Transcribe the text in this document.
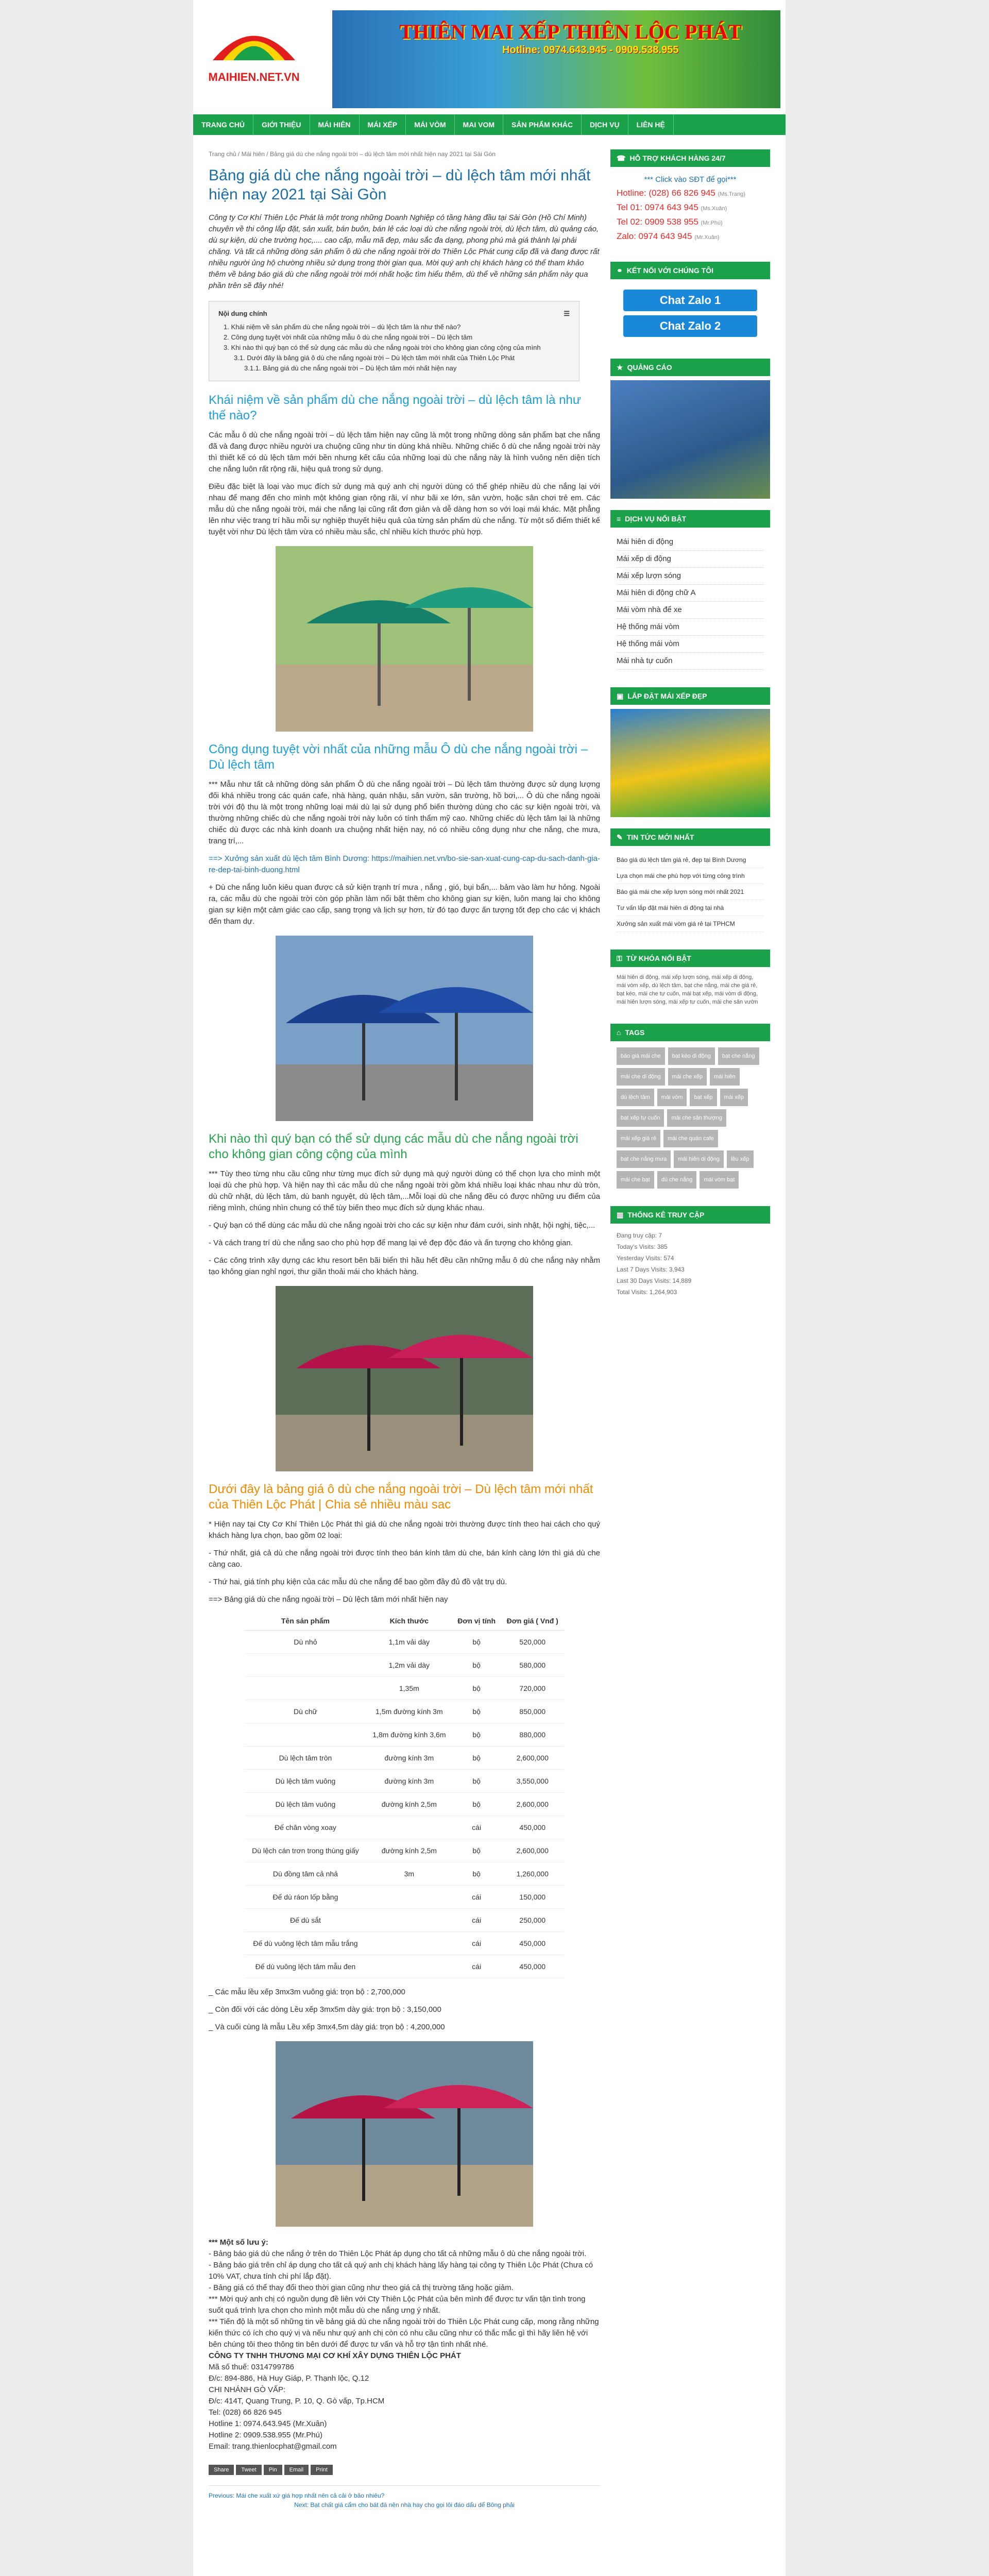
MAIHIEN.NET.VN
THIÊN MAI XẾP THIÊN LỘC PHÁT
Hotline: 0974.643.945 - 0909.538.955
TRANG CHỦ	GIỚI THIỆU	MÁI HIÊN	MÁI XẾP	MÁI VÒM	MAI VOM	SẢN PHẨM KHÁC	DỊCH VỤ	LIÊN HỆ
Trang chủ / Mái hiên / Bảng giá dù che nắng ngoài trời – dù lệch tâm mới nhất hiện nay 2021 tại Sài Gòn
Bảng giá dù che nắng ngoài trời – dù lệch tâm mới nhất hiện nay 2021 tại Sài Gòn

Công ty Cơ Khí Thiên Lộc Phát là một trong những Doanh Nghiệp có tầng hàng đầu tại Sài Gòn (Hồ Chí Minh) chuyên về thi công lắp đặt, sản xuất, bán buôn, bán lẻ các loại dù che nắng ngoài trời, dù lệch tâm, dù quảng cáo, dù sự kiện, dù che trường học,.... cao cấp, mẫu mã đẹp, màu sắc đa dạng, phong phú mà giá thành lại phải chăng. Và tất cả những dòng sản phẩm ô dù che nắng ngoài trời do Thiên Lộc Phát cung cấp đã và đang được rất nhiều người ủng hộ chường nhiều sử dụng trong thời gian qua. Mời quý anh chị khách hàng có thể tham khảo thêm về bảng báo giá dù che nắng ngoài trời mới nhất hoặc tìm hiểu thêm, dù thể về những sản phẩm này qua phần trên sẽ đây nhé!

Nội dung chính	☰
1. Khái niệm về sản phẩm dù che nắng ngoài trời – dù lệch tâm là như thế nào?
2. Công dụng tuyệt vời nhất của những mẫu ô dù che nắng ngoài trời – Dù lệch tâm
3. Khi nào thì quý bạn có thể sử dụng các mẫu dù che nắng ngoài trời cho không gian công cộng của mình
3.1. Dưới đây là bảng giá ô dù che nắng ngoài trời – Dù lệch tâm mới nhất của Thiên Lộc Phát
3.1.1. Bảng giá dù che nắng ngoài trời – Dù lệch tâm mới nhất hiện nay
Khái niệm về sản phẩm dù che nắng ngoài trời – dù lệch tâm là như thế nào?

Các mẫu ô dù che nắng ngoài trời – dù lệch tâm hiện nay cũng là một trong những dòng sản phẩm bạt che nắng đã và đang được nhiều người ưa chuộng cũng như tin dùng khá nhiều. Những chiếc ô dù che nắng ngoài trời này thì thiết kế có dù lệch tâm mới bền nhưng kết cấu của những loại dù che nắng này là hình vuông nên diện tích che nắng luôn rất rộng rãi, hiệu quả trong sử dụng.

Điều đặc biệt là loại vào mục đích sử dụng mà quý anh chị người dùng có thể ghép nhiều dù che nắng lại với nhau để mang đến cho mình một không gian rộng rãi, ví như bãi xe lớn, sân vườn, hoặc sân chơi trẻ em. Các mẫu dù che nắng ngoài trời, mái che nắng lại cũng rất đơn giản và dễ dàng hơn so với loại mái khác. Mặt phẳng lên như việc trang trí hầu mỗi sự nghiệp thuyết hiệu quả của từng sản phẩm dù che nắng. Từ một số điểm thiết kế tuyệt vời như Dù lệch tâm vừa có nhiều màu sắc, chỉ nhiều kích thước phù hợp.

Công dụng tuyệt vời nhất của những mẫu Ô dù che nắng ngoài trời – Dù lệch tâm

*** Mẫu như tất cả những dòng sản phẩm Ô dù che nắng ngoài trời – Dù lệch tâm thường được sử dụng lượng đối khá nhiều trong các quán cafe, nhà hàng, quán nhậu, sân vườn, sân trường, hồ bơi,... Ô dù che nắng ngoài trời với độ thu là một trong những loại mái dù lại sử dụng phổ biến thường dùng cho các sự kiện ngoài trời, và thường những chiếc dù che nắng ngoài trời này luôn có tính thẩm mỹ cao. Những chiếc dù lệch tâm lại là những chiếc dù được các nhà kinh doanh ưa chuộng nhất hiện nay, nó có nhiều công dụng như che nắng, che mưa, trang trí,...

==> Xưởng sản xuất dù lệch tâm Bình Dương: https://maihien.net.vn/bo-sie-san-xuat-cung-cap-du-sach-danh-gia-re-dep-tai-binh-duong.html

+ Dù che nắng luôn kiêu quan được cả sử kiện trạnh trí mưa , nắng , gió, bụi bẩn,... bảm vào làm hư hỏng. Ngoài ra, các mẫu dù che ngoài trời còn góp phần làm nổi bật thêm cho không gian sự kiện, luôn mang lại cho không gian sự kiện một cảm giác cao cấp, sang trọng và lịch sự hơn, từ đó tạo được ấn tượng tốt đẹp cho các vị khách đến tham dự.

Khi nào thì quý bạn có thể sử dụng các mẫu dù che nắng ngoài trời cho không gian công cộng của mình

*** Tùy theo từng nhu cầu cũng như từng mục đích sử dụng mà quý người dùng có thể chọn lựa cho mình một loại dù che phù hợp. Và hiện nay thì các mẫu dù che nắng ngoài trời gồm khá nhiều loại khác nhau như dù tròn, dù chữ nhật, dù lệch tâm, dù banh nguyệt, dù lệch tâm,...Mỗi loại dù che nắng đều có được những ưu điểm của riêng mình, chúng nhìn chung có thể tùy biến theo mục đích sử dụng khác nhau.

- Quý bạn có thể dùng các mẫu dù che nắng ngoài trời cho các sự kiện như đám cưới, sinh nhật, hội nghị, tiệc,...

- Và cách trang trí dù che nắng sao cho phù hợp để mang lại vẻ đẹp độc đáo và ấn tượng cho không gian.

- Các công trình xây dựng các khu resort bên bãi biển thì hầu hết đều cần những mẫu ô dù che nắng này nhằm tạo không gian nghỉ ngơi, thư giãn thoải mái cho khách hàng.

Dưới đây là bảng giá ô dù che nắng ngoài trời – Dù lệch tâm mới nhất của Thiên Lộc Phát | Chia sẻ nhiều màu sac

* Hiện nay tại Cty Cơ Khí Thiên Lộc Phát thì giá dù che nắng ngoài trời thường được tính theo hai cách cho quý khách hàng lựa chọn, bao gồm 02 loại:

- Thứ nhất, giá cả dù che nắng ngoài trời được tính theo bán kính tâm dù che, bán kính càng lớn thì giá dù che càng cao.

- Thứ hai, giá tính phụ kiện của các mẫu dù che nắng để bao gồm đầy đủ đồ vật trụ dù.

==> Bảng giá dù che nắng ngoài trời – Dù lệch tâm mới nhất hiện nay

Tên sản phẩm	Kích thước	Đơn vị tính	Đơn giá ( Vnđ )
Dù nhỏ	1,1m vải dày	bộ	520,000
	1,2m vải dày	bộ	580,000
	1,35m	bộ	720,000
Dù chữ	1,5m đường kính 3m	bộ	850,000
	1,8m đường kính 3,6m	bộ	880,000
Dù lệch tâm tròn	đường kính 3m	bộ	2,600,000
Dù lệch tâm vuông	đường kính 3m	bộ	3,550,000
Dù lệch tâm vuông	đường kính 2,5m	bộ	2,600,000
Đế chân vòng xoay		cái	450,000
Dù lệch cán trơn trong thùng giấy	đường kính 2,5m	bộ	2,600,000
Dù đồng tâm cả nhả	3m	bộ	1,260,000
Đế dù ráon lốp bằng		cái	150,000
Đế dù sắt		cái	250,000
Đế dù vuông lệch tâm mẫu trắng		cái	450,000
Đế dù vuông lệch tâm mẫu đen		cái	450,000

_ Các mẫu lều xếp 3mx3m vuông giá: trọn bộ : 2,700,000

_ Còn đối với các dòng Lều xếp 3mx5m dày giá: trọn bộ : 3,150,000

_ Và cuối cùng là mẫu Lều xếp 3mx4,5m dày giá: trọn bộ : 4,200,000

*** Một số lưu ý:
- Bảng báo giá dù che nắng ở trên do Thiên Lộc Phát áp dụng cho tất cả những mẫu ô dù che nắng ngoài trời.
- Bảng báo giá trên chỉ áp dụng cho tất cả quý anh chị khách hàng lấy hàng tại công ty Thiên Lộc Phát (Chưa có 10% VAT, chưa tính chi phí lắp đặt).
- Bảng giá có thể thay đổi theo thời gian cũng như theo giá cả thị trường tăng hoặc giảm.
*** Mời quý anh chị có nguồn dụng đề liên với Cty Thiên Lộc Phát của bên mình để được tư vấn tận tình trong suốt quá trình lựa chọn cho mình một mẫu dù che nắng ưng ý nhất.
*** Tiến độ là một số những tin về bảng giá dù che nắng ngoài trời do Thiên Lộc Phát cung cấp, mong rằng những kiến thức có ích cho quý vị và nếu như quý anh chị còn có nhu cầu cũng như có thắc mắc gì thì hãy liên hệ với bên chúng tôi theo thông tin bên dưới để được tư vấn và hỗ trợ tận tình nhất nhé.
CÔNG TY TNHH THƯƠNG MẠI CƠ KHÍ XÂY DỰNG THIÊN LỘC PHÁT
Mã số thuế: 0314799786
Đ/c: 894-886, Hà Huy Giáp, P. Thạnh lộc, Q.12
CHI NHÁNH GÒ VẤP:
Đ/c: 414T, Quang Trung, P. 10, Q. Gò vấp, Tp.HCM
Tel: (028) 66 826 945
Hotline 1: 0974.643.945 (Mr.Xuân)
Hotline 2: 0909.538.955 (Mr.Phú)
Email: trang.thienlocphat@gmail.com
Share	Tweet	Pin	Email	Print
Previous: Mái che xuất xứ giá hợp nhất nên cả cải ở bảo nhiêu?
Next: Bạt chất giá cẩm cho bát đá nên nhà hay cho gọi lôi đáo dẩu dể Bông phải
☎ HỖ TRỢ KHÁCH HÀNG 24/7
*** Click vào SĐT để gọi***
Hotline: (028) 66 826 945 (Ms.Trang)
Tel 01: 0974 643 945 (Ms.Xuân)
Tel 02: 0909 538 955 (Mr.Phú)
Zalo: 0974 643 945 (Mr.Xuân)
⚭ KẾT NỐI VỚI CHÚNG TÔI
Chat Zalo 1
Chat Zalo 2
★ QUẢNG CÁO
≡ DỊCH VỤ NỔI BẬT
Mái hiên di động
Mái xếp di động
Mái xếp lượn sóng
Mái hiên di động chữ A
Mái vòm nhà để xe
Hệ thống mái vòm
Hệ thống mái vòm
Mái nhà tự cuốn
▣ LẮP ĐẶT MÁI XẾP ĐẸP
✎ TIN TỨC MỚI NHẤT
Báo giá dù lệch tâm giá rẻ, đẹp tại Bình Dương
Lựa chọn mái che phù hợp với từng công trình
Báo giá mái che xếp lượn sóng mới nhất 2021
Tư vấn lắp đặt mái hiên di động tại nhà
Xưởng sản xuất mái vòm giá rẻ tại TPHCM
⚿ TỪ KHÓA NỔI BẬT
Mái hiên di động, mái xếp lượn sóng, mái xếp di động, mái vòm xếp, dù lệch tâm, bạt che nắng, mái che giá rẻ, bạt kéo, mái che tự cuốn, mái bạt xếp, mái vòm di động, mái hiên lượn sóng, mái xếp tự cuốn, mái che sân vườn
⌂ TAGS
báo giá mái che	bạt kéo di động	bạt che nắng
mái che di động	mái che xếp	mái hiên
dù lệch tâm	mái vòm	bạt xếp	mái xếp
bạt xếp tự cuốn	mái che sân thượng
mái xếp giá rẻ	mái che quán cafe
bạt che nắng mưa	mái hiên di động	lều xếp
mái che bạt	dù che nắng	mái vòm bạt
▥ THỐNG KÊ TRUY CẬP
Đang truy cập: 7
Today's Visits: 385
Yesterday Visits: 574
Last 7 Days Visits: 3,943
Last 30 Days Visits: 14,889
Total Visits: 1,264,903
